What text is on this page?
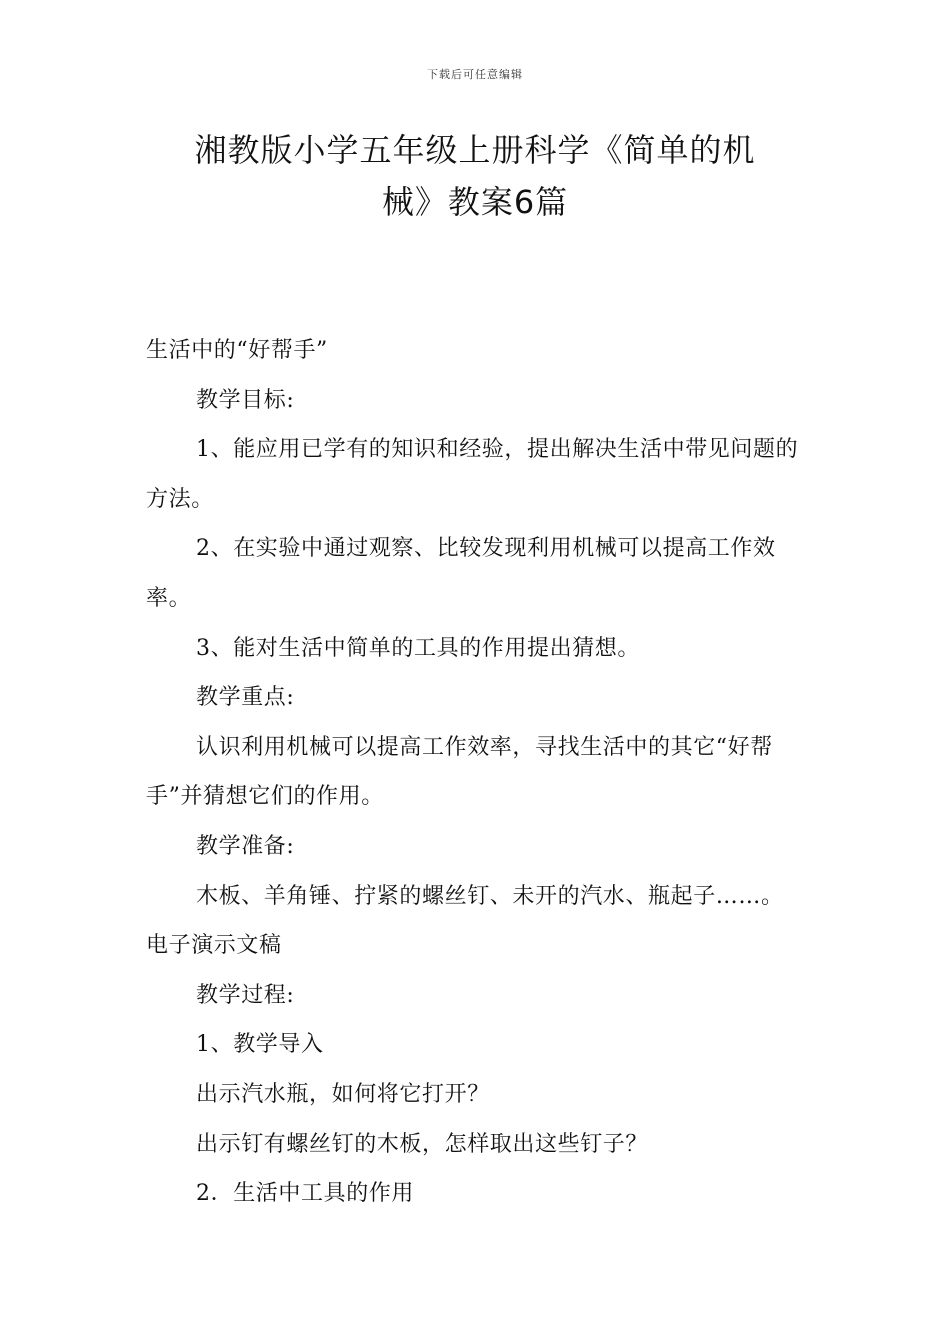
下载后可任意编辑
湘教版小学五年级上册科学《简单的机
械》教案6篇

生活中的“好帮手”

教学目标:

1、能应用已学有的知识和经验，提出解决生活中带见问题的方法。

2、在实验中通过观察、比较发现利用机械可以提高工作效率。

3、能对生活中简单的工具的作用提出猜想。

教学重点:

认识利用机械可以提高工作效率，寻找生活中的其它“好帮手”并猜想它们的作用。

教学准备:

木板、羊角锤、拧紧的螺丝钉、未开的汽水、瓶起子……。电子演示文稿

教学过程:

1、教学导入

出示汽水瓶，如何将它打开？

出示钉有螺丝钉的木板，怎样取出这些钉子？

2．生活中工具的作用
